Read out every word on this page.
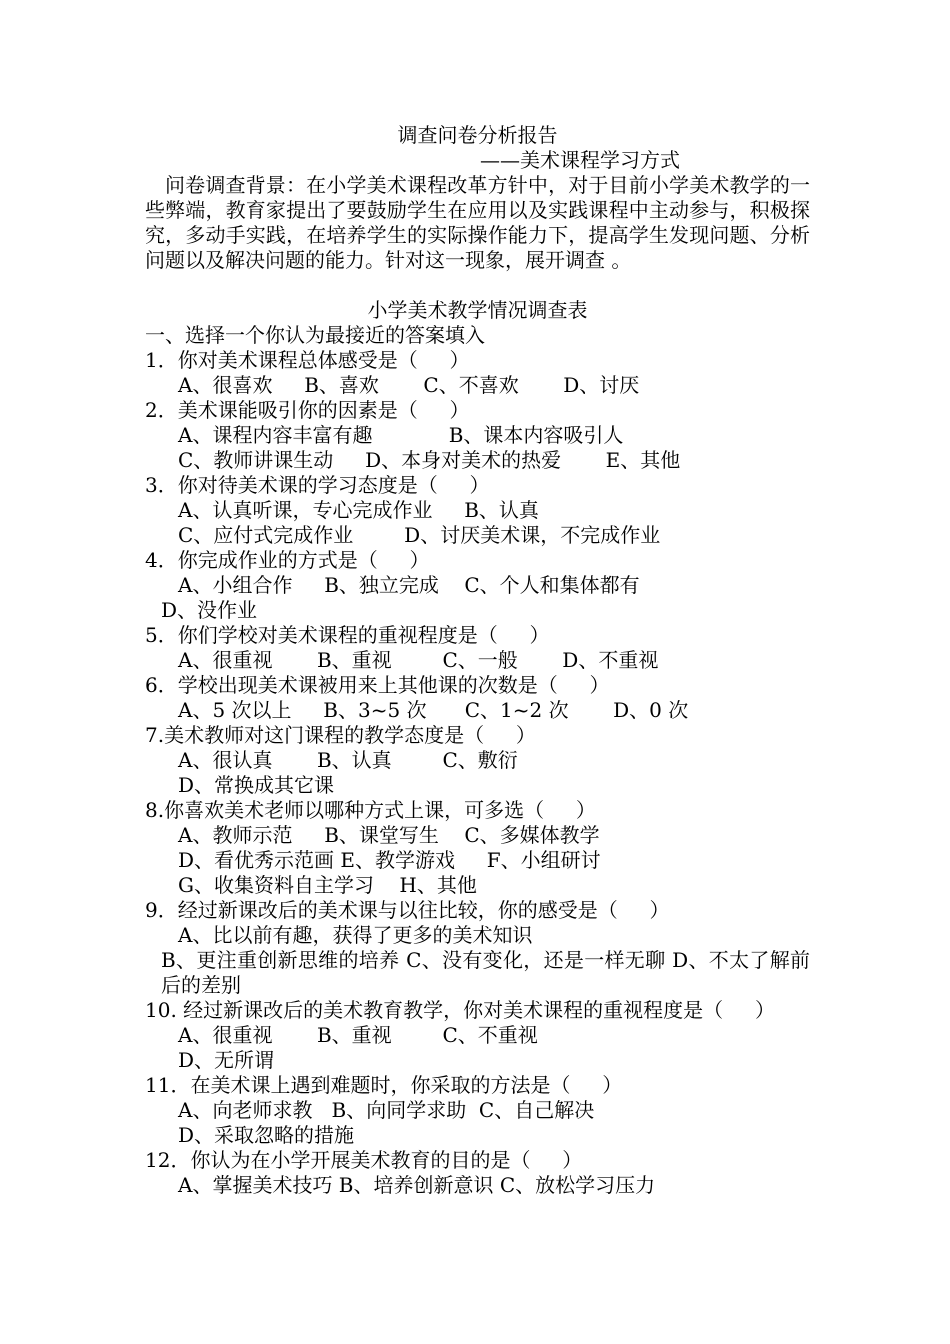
调查问卷分析报告
——美术课程学习方式
问卷调查背景：在小学美术课程改革方针中，对于目前小学美术教学的一些弊端，教育家提出了要鼓励学生在应用以及实践课程中主动参与，积极探究，多动手实践，在培养学生的实际操作能力下，提高学生发现问题、分析问题以及解决问题的能力。针对这一现象，展开调查 。
小学美术教学情况调查表
一、选择一个你认为最接近的答案填入
1．你对美术课程总体感受是（     ）
A、很喜欢     B、喜欢       C、不喜欢       D、讨厌
2．美术课能吸引你的因素是（     ）
A、课程内容丰富有趣            B、课本内容吸引人
C、教师讲课生动     D、本身对美术的热爱       E、其他
3．你对待美术课的学习态度是（     ）
A、认真听课，专心完成作业     B、认真
C、应付式完成作业        D、讨厌美术课，不完成作业
4．你完成作业的方式是（     ）
A、小组合作     B、独立完成    C、个人和集体都有
D、没作业
5．你们学校对美术课程的重视程度是（     ）
A、很重视       B、重视        C、一般       D、不重视
6．学校出现美术课被用来上其他课的次数是（     ）
A、5 次以上     B、3~5 次      C、1~2 次       D、0 次
7.美术教师对这门课程的教学态度是（     ）
A、很认真       B、认真        C、敷衍
D、常换成其它课
8.你喜欢美术老师以哪种方式上课，可多选（     ）
A、教师示范     B、课堂写生    C、多媒体教学
D、看优秀示范画 E、教学游戏     F、小组研讨
G、收集资料自主学习    H、其他
9．经过新课改后的美术课与以往比较，你的感受是（     ）
A、比以前有趣，获得了更多的美术知识
B、更注重创新思维的培养 C、没有变化，还是一样无聊 D、不太了解前后的差别
10. 经过新课改后的美术教育教学，你对美术课程的重视程度是（     ）
A、很重视       B、重视        C、不重视
D、无所谓
11．在美术课上遇到难题时，你采取的方法是（     ）
A、向老师求教   B、向同学求助  C、自己解决
D、采取忽略的措施
12．你认为在小学开展美术教育的目的是（     ）
A、掌握美术技巧 B、培养创新意识 C、放松学习压力
